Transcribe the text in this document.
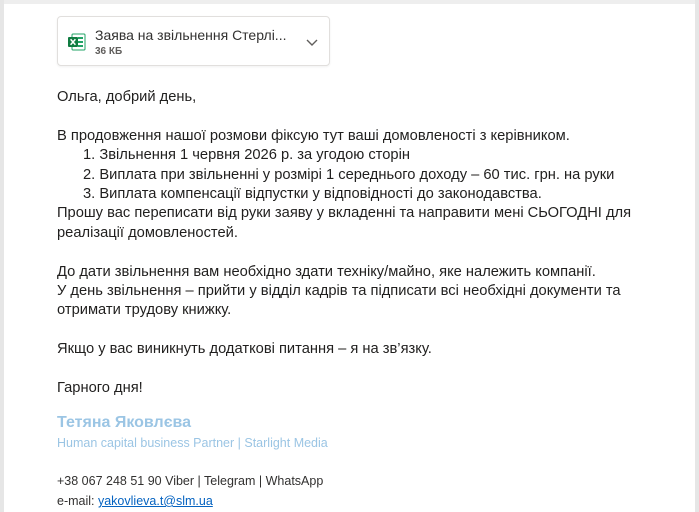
Заява на звільнення Стерлі...
36 КБ
Ольга, добрий день,
В продовження нашої розмови фіксую тут ваші домовленості з керівником.
1. Звільнення 1 червня 2026 р. за угодою сторін
2. Виплата при звільненні у розмірі 1 середнього доходу – 60 тис. грн. на руки
3. Виплата компенсації відпустки у відповідності до законодавства.
Прошу вас переписати від руки заяву у вкладенні та направити мені СЬОГОДНІ для реалізації домовленостей.
До дати звільнення вам необхідно здати техніку/майно, яке належить компанії.
У день звільнення – прийти у відділ кадрів та підписати всі необхідні документи та отримати трудову книжку.
Якщо у вас виникнуть додаткові питання – я на зв’язку.
Гарного дня!
Тетяна Яковлєва
Human capital business Partner | Starlight Media
+38 067 248 51 90 Viber | Telegram | WhatsApp
e-mail: yakovlieva.t@slm.ua
